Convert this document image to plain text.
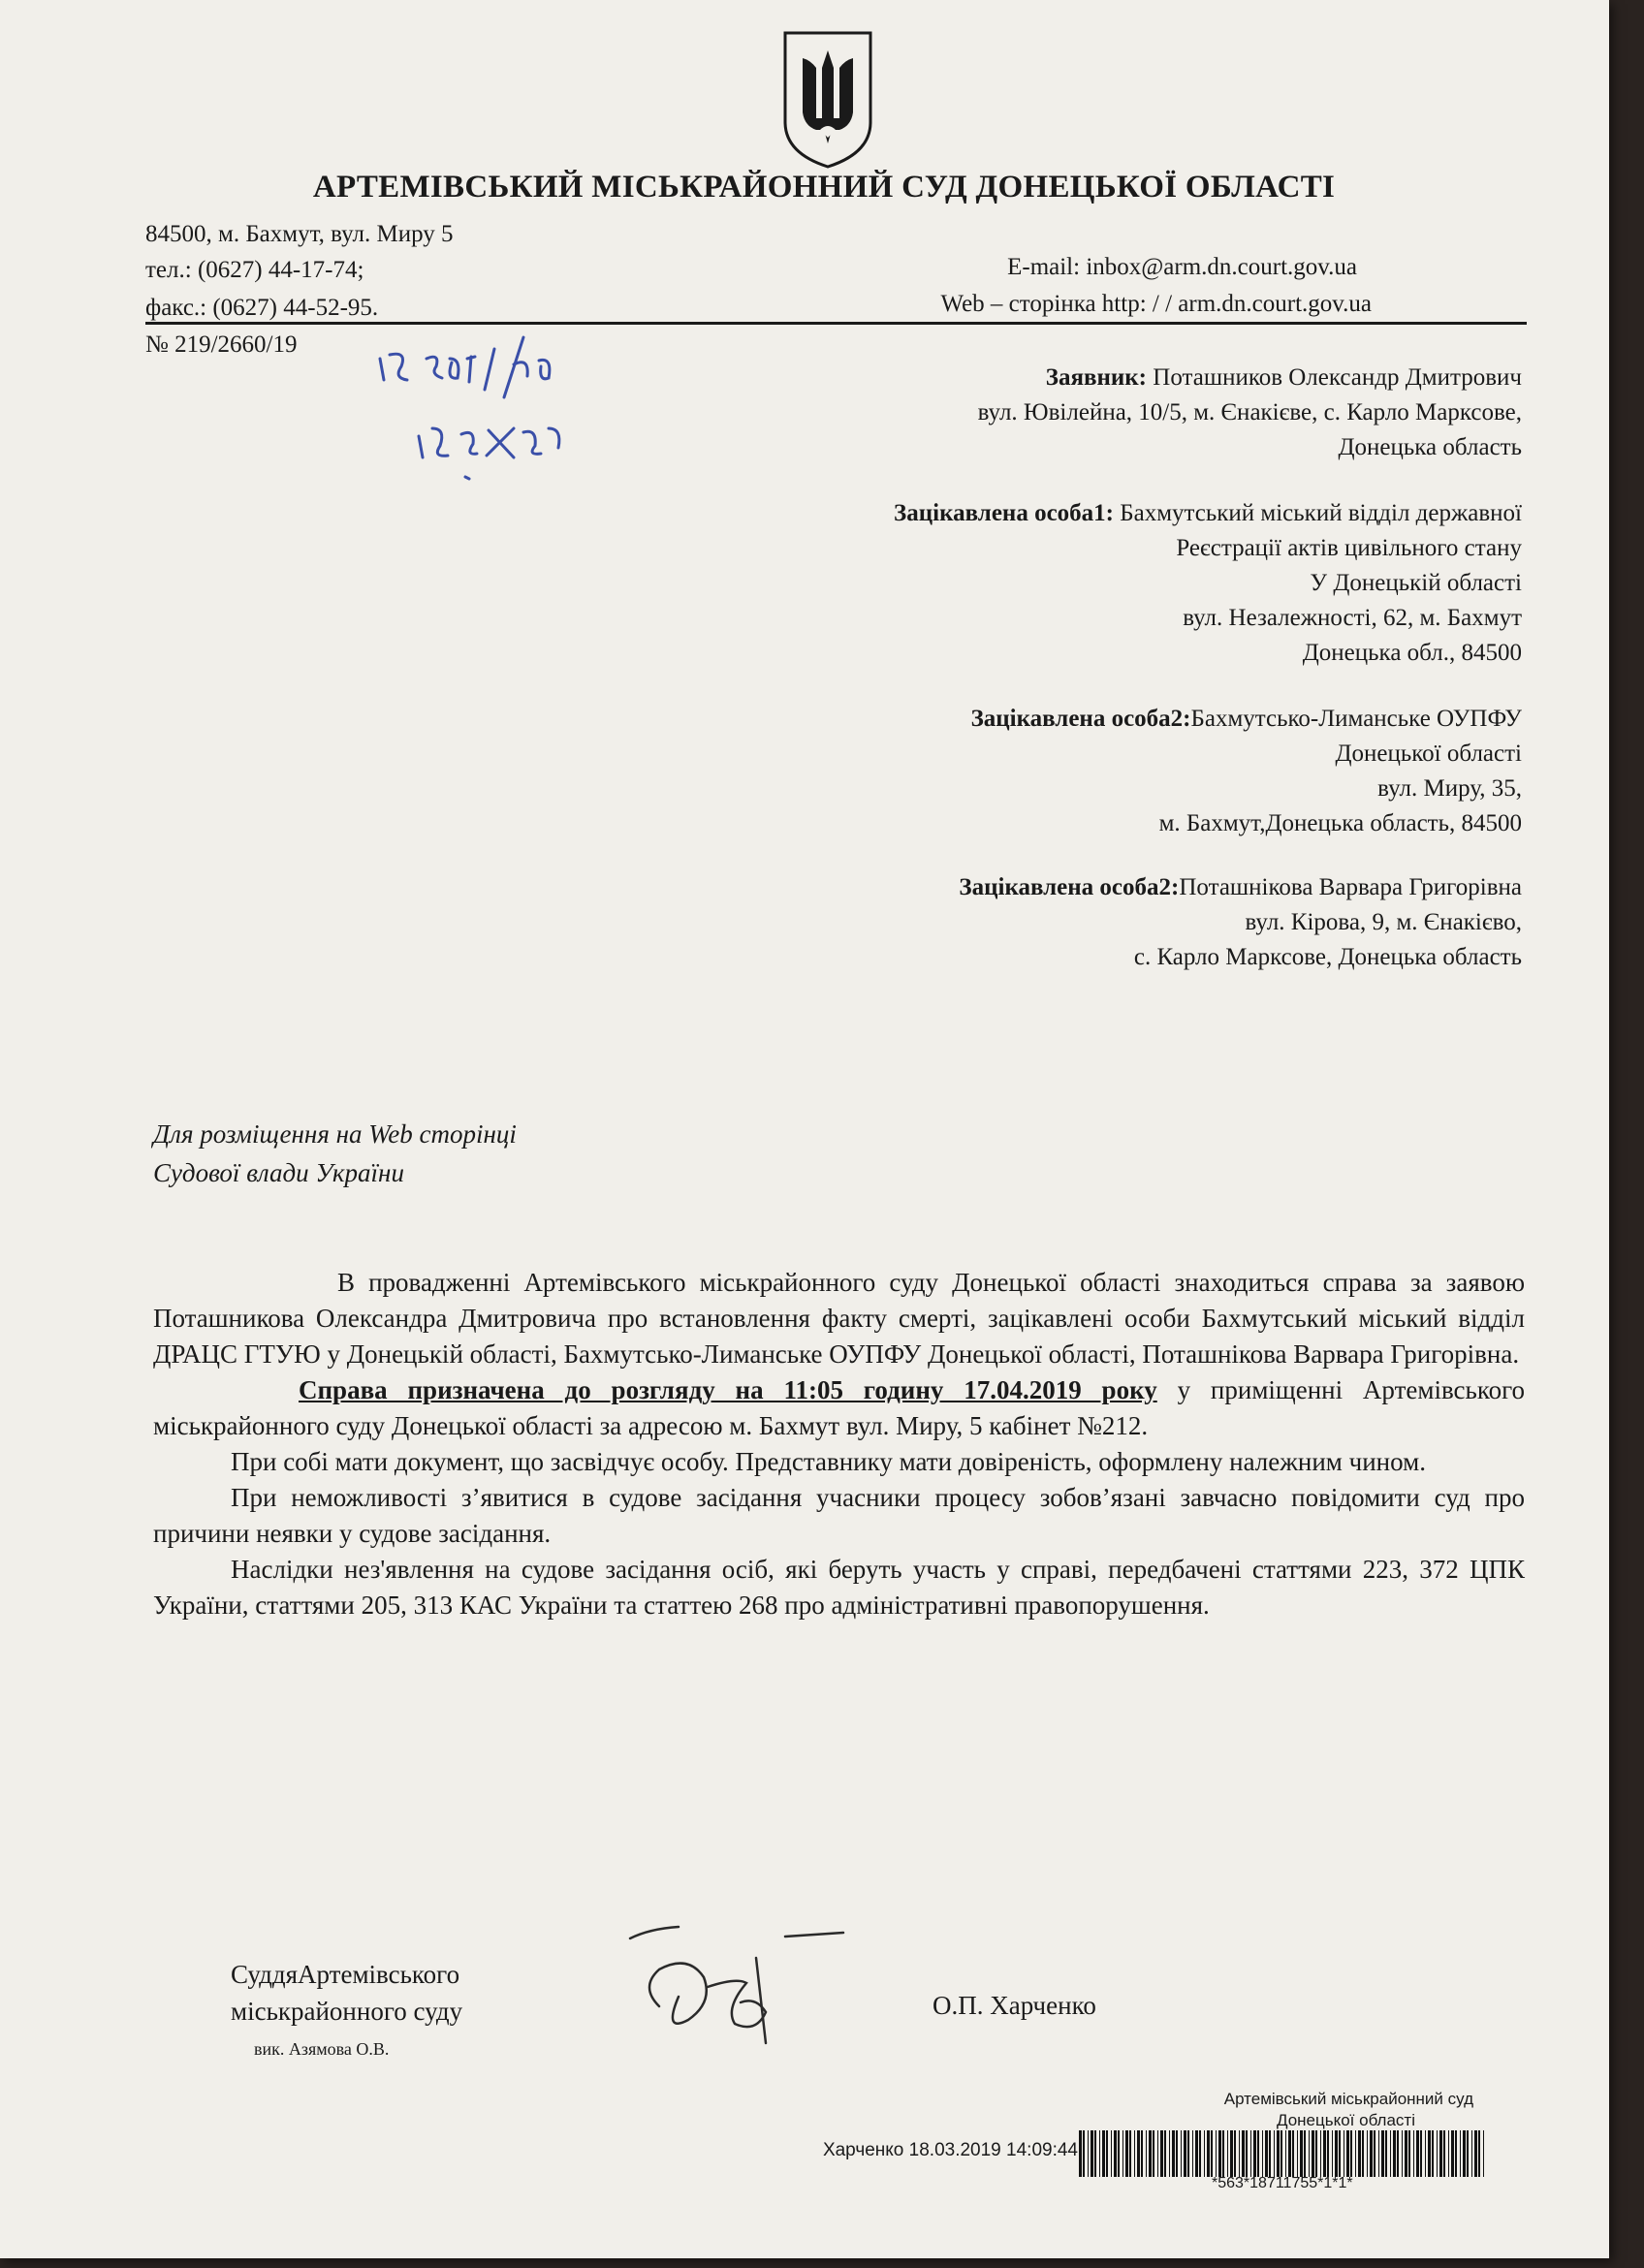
АРТЕМІВСЬКИЙ МІСЬКРАЙОННИЙ СУД ДОНЕЦЬКОЇ ОБЛАСТІ
84500, м. Бахмут, вул. Миру 5
тел.: (0627) 44-17-74;
факс.: (0627) 44-52-95.
E-mail: inbox@arm.dn.court.gov.ua
Web – сторінка http: / / arm.dn.court.gov.ua
№ 219/2660/19
Заявник: Поташников Олександр Дмитрович
вул. Ювілейна, 10/5, м. Єнакієве, с. Карло Марксове,
Донецька область
Зацікавлена особа1: Бахмутський міський відділ державної
Реєстрації актів цивільного стану
У Донецькій області
вул. Незалежності, 62, м. Бахмут
Донецька обл., 84500
Зацікавлена особа2:Бахмутсько-Лиманське ОУПФУ
Донецької області
вул. Миру, 35,
м. Бахмут,Донецька область, 84500
Зацікавлена особа2:Поташнікова Варвара Григорівна
вул. Кірова, 9, м. Єнакієво,
с. Карло Марксове, Донецька область
Для розміщення на Web сторінці
Судової влади України

В провадженні Артемівського міськрайонного суду Донецької області знаходиться справа за заявою Поташникова Олександра Дмитровича про встановлення факту смерті, зацікавлені особи Бахмутський міський відділ ДРАЦС ГТУЮ у Донецькій області, Бахмутсько-Лиманське ОУПФУ Донецької області, Поташнікова Варвара Григорівна.

Справа призначена до розгляду на 11:05 годину 17.04.2019 року у приміщенні Артемівського міськрайонного суду Донецької області за адресою м. Бахмут вул. Миру, 5 кабінет №212.

При собі мати документ, що засвідчує особу. Представнику мати довіреність, оформлену належним чином.

При неможливості з’явитися в судове засідання учасники процесу зобов’язані завчасно повідомити суд про причини неявки у судове засідання.

Наслідки нез'явлення на судове засідання осіб, які беруть участь у справі, передбачені статтями 223, 372 ЦПК України, статтями 205, 313 КАС України та статтею 268 про адміністративні правопорушення.

СуддяАртемівського
міськрайонного суду
вик. Азямова О.В.
О.П. Харченко
Артемівський міськрайонний суд
Донецької області
Харченко 18.03.2019 14:09:44
*563*18711755*1*1*
